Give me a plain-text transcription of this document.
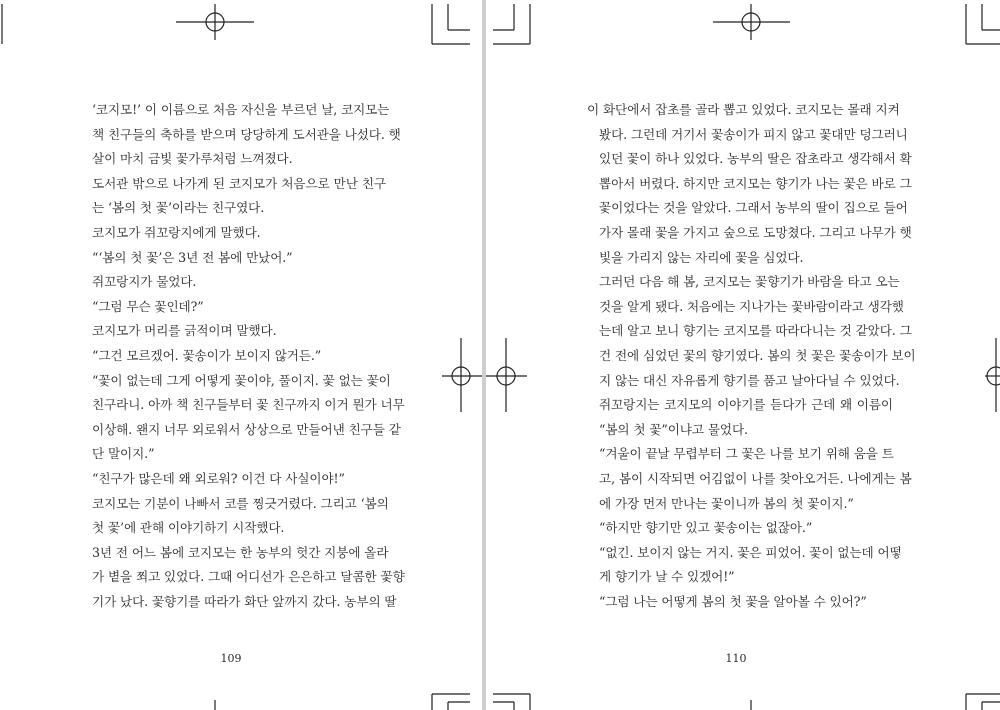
‘코지모!’ 이 이름으로 처음 자신을 부르던 날, 코지모는
책 친구들의 축하를 받으며 당당하게 도서관을 나섰다. 햇
살이 마치 금빛 꽃가루처럼 느껴졌다.

도서관 밖으로 나가게 된 코지모가 처음으로 만난 친구
는 ‘봄의 첫 꽃’이라는 친구였다.

코지모가 쥐꼬랑지에게 말했다.

“‘봄의 첫 꽃’은 3년 전 봄에 만났어.”

쥐꼬랑지가 물었다.

“그럼 무슨 꽃인데?”

코지모가 머리를 긁적이며 말했다.

“그건 모르겠어. 꽃송이가 보이지 않거든.”

“꽃이 없는데 그게 어떻게 꽃이야, 풀이지. 꽃 없는 꽃이
친구라니. 아까 책 친구들부터 꽃 친구까지 이거 뭔가 너무
이상해. 왠지 너무 외로워서 상상으로 만들어낸 친구들 같
단 말이지.”

“친구가 많은데 왜 외로워? 이건 다 사실이야!”

코지모는 기분이 나빠서 코를 찡긋거렸다. 그리고 ‘봄의
첫 꽃’에 관해 이야기하기 시작했다.

3년 전 어느 봄에 코지모는 한 농부의 헛간 지붕에 올라
가 볕을 쬐고 있었다. 그때 어디선가 은은하고 달콤한 꽃향
기가 났다. 꽃향기를 따라가 화단 앞까지 갔다. 농부의 딸

109

이 화단에서 잡초를 골라 뽑고 있었다. 코지모는 몰래 지켜
봤다. 그런데 거기서 꽃송이가 피지 않고 꽃대만 덩그러니
있던 꽃이 하나 있었다. 농부의 딸은 잡초라고 생각해서 확
뽑아서 버렸다. 하지만 코지모는 향기가 나는 꽃은 바로 그
꽃이었다는 것을 알았다. 그래서 농부의 딸이 집으로 들어
가자 몰래 꽃을 가지고 숲으로 도망쳤다. 그리고 나무가 햇
빛을 가리지 않는 자리에 꽃을 심었다.

그러던 다음 해 봄, 코지모는 꽃향기가 바람을 타고 오는
것을 알게 됐다. 처음에는 지나가는 꽃바람이라고 생각했
는데 알고 보니 향기는 코지모를 따라다니는 것 같았다. 그
건 전에 심었던 꽃의 향기였다. 봄의 첫 꽃은 꽃송이가 보이
지 않는 대신 자유롭게 향기를 품고 날아다닐 수 있었다.

쥐꼬랑지는 코지모의 이야기를 듣다가 근데 왜 이름이
“봄의 첫 꽃”이냐고 물었다.

“겨울이 끝날 무렵부터 그 꽃은 나를 보기 위해 움을 트
고, 봄이 시작되면 어김없이 나를 찾아오거든. 나에게는 봄
에 가장 먼저 만나는 꽃이니까 봄의 첫 꽃이지.”

“하지만 향기만 있고 꽃송이는 없잖아.”

“없긴. 보이지 않는 거지. 꽃은 피었어. 꽃이 없는데 어떻
게 향기가 날 수 있겠어!”

“그럼 나는 어떻게 봄의 첫 꽃을 알아볼 수 있어?”

110
